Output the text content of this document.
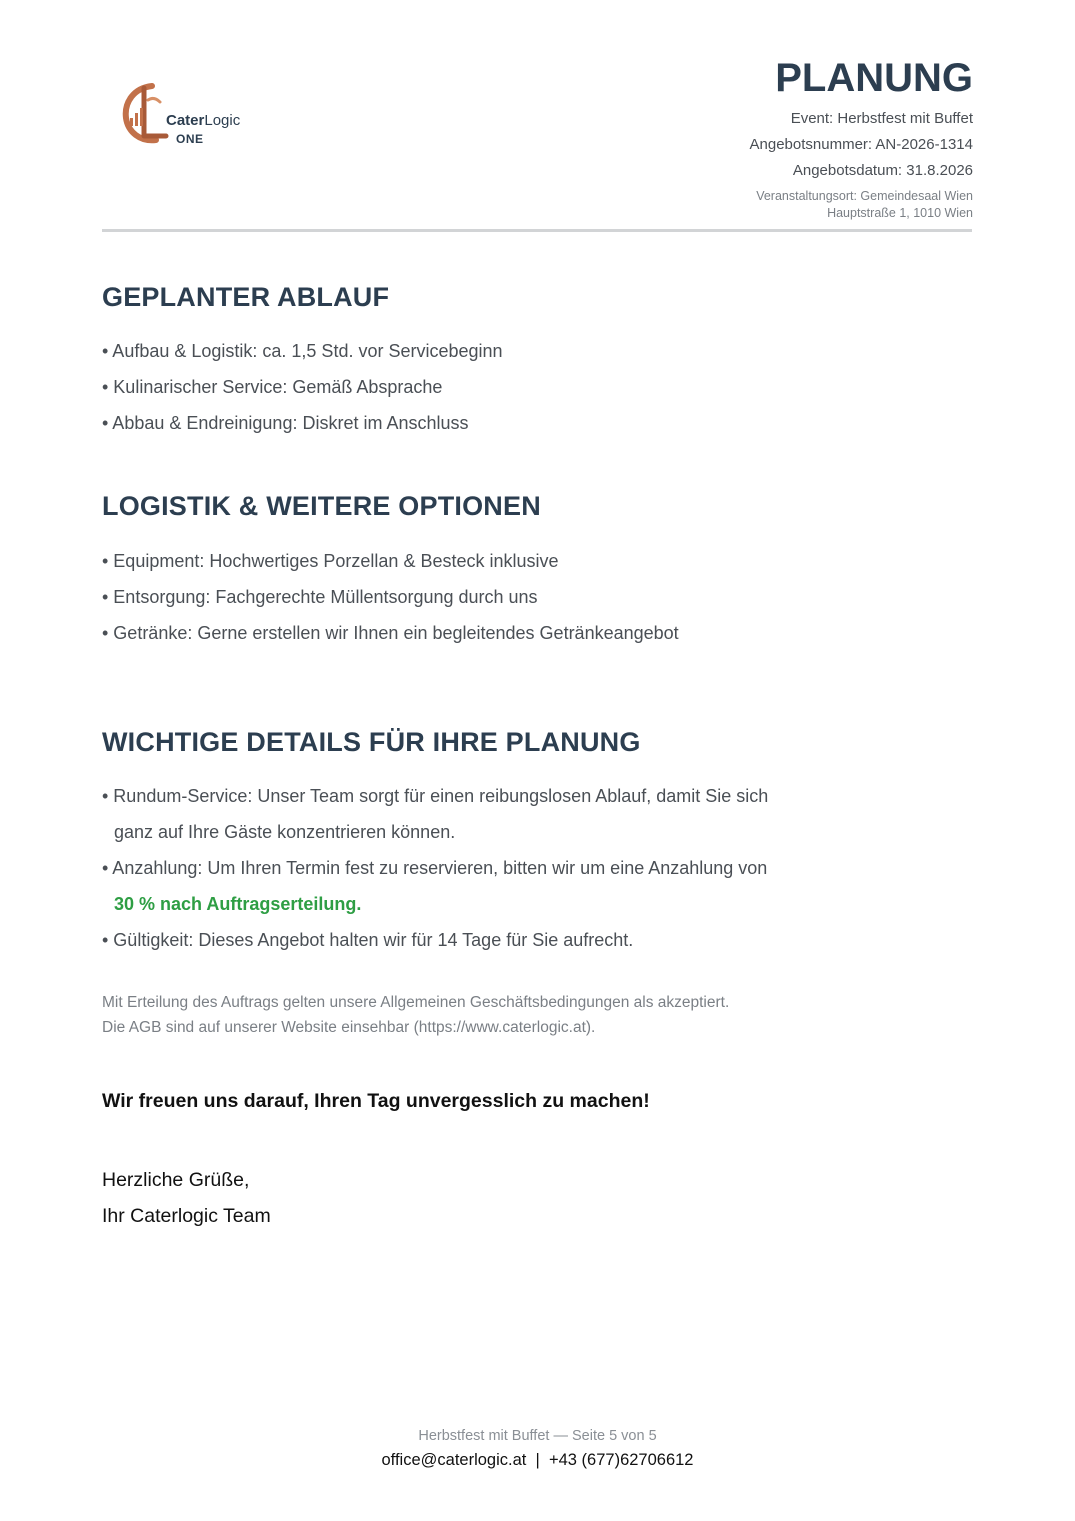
CaterLogic
ONE
PLANUNG
Event: Herbstfest mit Buffet
Angebotsnummer: AN-2026-1314
Angebotsdatum: 31.8.2026
Veranstaltungsort: Gemeindesaal Wien
Hauptstraße 1, 1010 Wien
GEPLANTER ABLAUF
• Aufbau & Logistik: ca. 1,5 Std. vor Servicebeginn
• Kulinarischer Service: Gemäß Absprache
• Abbau & Endreinigung: Diskret im Anschluss
LOGISTIK & WEITERE OPTIONEN
• Equipment: Hochwertiges Porzellan & Besteck inklusive
• Entsorgung: Fachgerechte Müllentsorgung durch uns
• Getränke: Gerne erstellen wir Ihnen ein begleitendes Getränkeangebot
WICHTIGE DETAILS FÜR IHRE PLANUNG
• Rundum-Service: Unser Team sorgt für einen reibungslosen Ablauf, damit Sie sich
ganz auf Ihre Gäste konzentrieren können.
• Anzahlung: Um Ihren Termin fest zu reservieren, bitten wir um eine Anzahlung von
30 % nach Auftragserteilung.
• Gültigkeit: Dieses Angebot halten wir für 14 Tage für Sie aufrecht.
Mit Erteilung des Auftrags gelten unsere Allgemeinen Geschäftsbedingungen als akzeptiert.
Die AGB sind auf unserer Website einsehbar (https://www.caterlogic.at).
Wir freuen uns darauf, Ihren Tag unvergesslich zu machen!
Herzliche Grüße,
Ihr Caterlogic Team
Herbstfest mit Buffet — Seite 5 von 5
office@caterlogic.at  |  +43 (677)62706612
